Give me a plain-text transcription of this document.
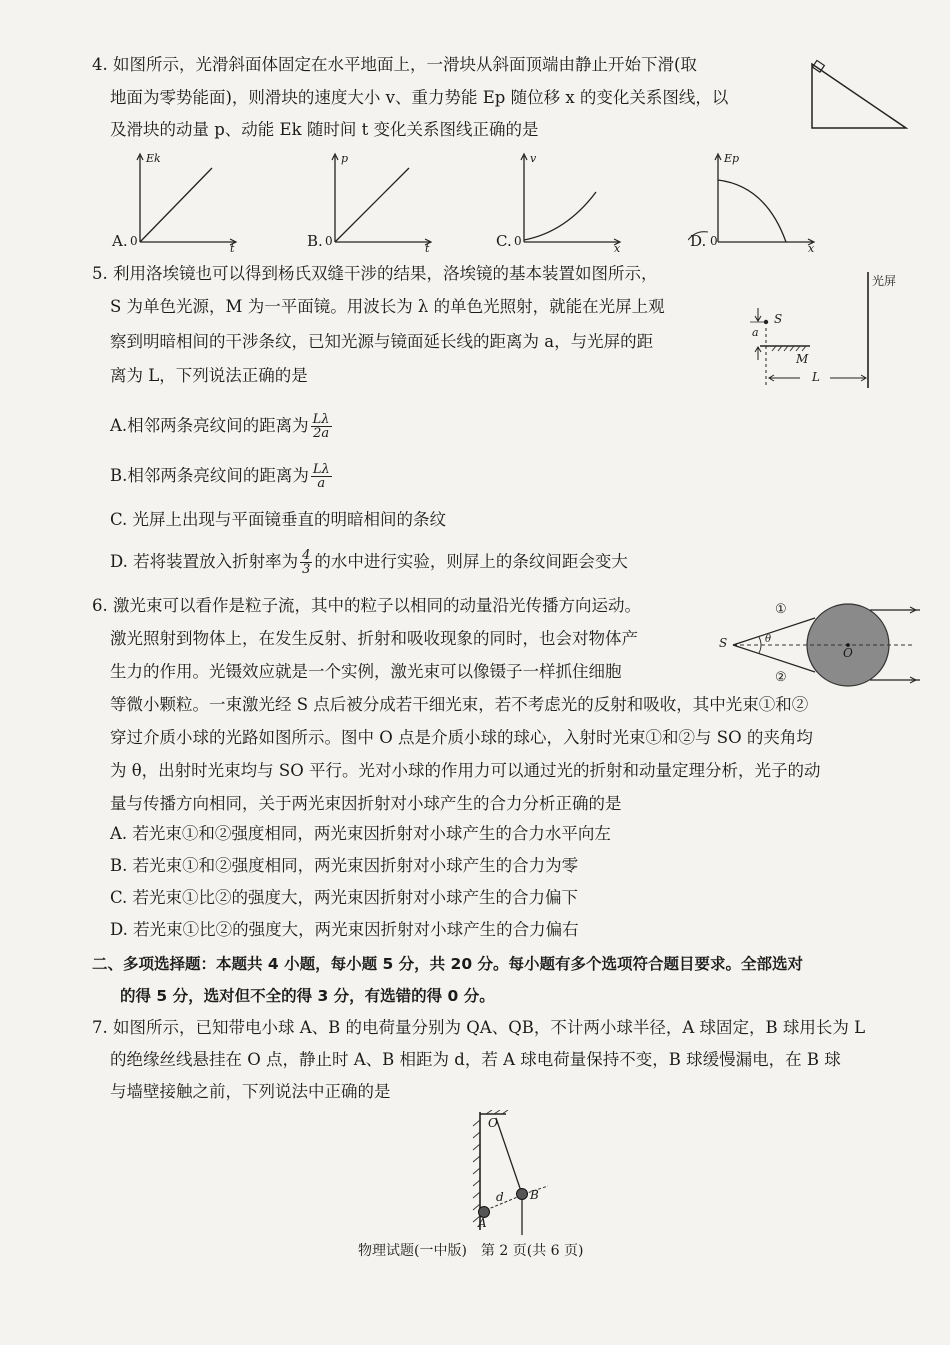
4. 如图所示，光滑斜面体固定在水平地面上，一滑块从斜面顶端由静止开始下滑(取
地面为零势能面)，则滑块的速度大小 v、重力势能 Ep 随位移 x 的变化关系图线，以
及滑块的动量 p、动能 Ek 随时间 t 变化关系图线正确的是
A. 0
Ek
t	B. 0
p
t	C. 0
v
x	D. 0
Ep
x
5. 利用洛埃镜也可以得到杨氏双缝干涉的结果，洛埃镜的基本装置如图所示，
S 为单色光源，M 为一平面镜。用波长为 λ 的单色光照射，就能在光屏上观
察到明暗相间的干涉条纹，已知光源与镜面延长线的距离为 a，与光屏的距
离为 L，下列说法正确的是
A.相邻两条亮纹间的距离为 $\frac{L\lambda}{2a}$
B.相邻两条亮纹间的距离为 $\frac{L\lambda}{a}$
C. 光屏上出现与平面镜垂直的明暗相间的条纹
D. 若将装置放入折射率为 $\frac{4}{3}$ 的水中进行实验，则屏上的条纹间距会变大
光屏
S
a
M
L
6. 激光束可以看作是粒子流，其中的粒子以相同的动量沿光传播方向运动。
激光照射到物体上，在发生反射、折射和吸收现象的同时，也会对物体产
生力的作用。光镊效应就是一个实例，激光束可以像镊子一样抓住细胞
等微小颗粒。一束激光经 S 点后被分成若干细光束，若不考虑光的反射和吸收，其中光束①和②
穿过介质小球的光路如图所示。图中 O 点是介质小球的球心，入射时光束①和②与 SO 的夹角均
为 θ，出射时光束均与 SO 平行。光对小球的作用力可以通过光的折射和动量定理分析，光子的动
量与传播方向相同，关于两光束因折射对小球产生的合力分析正确的是
A. 若光束①和②强度相同，两光束因折射对小球产生的合力水平向左
B. 若光束①和②强度相同，两光束因折射对小球产生的合力为零
C. 若光束①比②的强度大，两光束因折射对小球产生的合力偏下
D. 若光束①比②的强度大，两光束因折射对小球产生的合力偏右
①
②
S
O
θ
二、多项选择题：本题共 4 小题，每小题 5 分，共 20 分。每小题有多个选项符合题目要求。全部选对
的得 5 分，选对但不全的得 3 分，有选错的得 0 分。
7. 如图所示，已知带电小球 A、B 的电荷量分别为 QA、QB，不计两小球半径，A 球固定，B 球用长为 L
的绝缘丝线悬挂在 O 点，静止时 A、B 相距为 d，若 A 球电荷量保持不变，B 球缓慢漏电，在 B 球
与墙壁接触之前，下列说法中正确的是
O
B
A
d
物理试题(一中版)　第 2 页(共 6 页)
